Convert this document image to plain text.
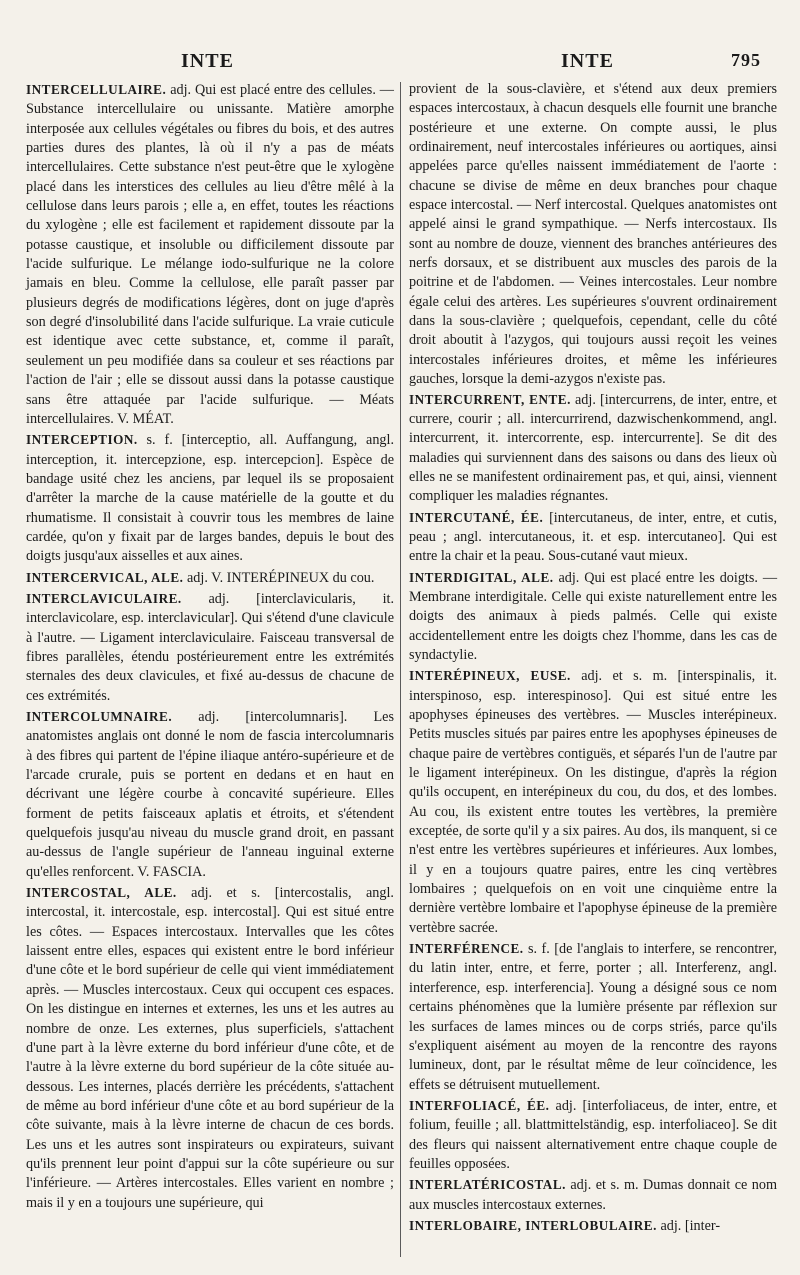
INTE	INTE	795

INTERCELLULAIRE. adj. Qui est placé entre des cellules. — Substance intercellulaire ou unissante. Matière amorphe interposée aux cellules végétales ou fibres du bois, et des autres parties dures des plantes, là où il n'y a pas de méats intercellulaires. Cette substance n'est peut-être que le xylogène placé dans les interstices des cellules au lieu d'être mêlé à la cellulose dans leurs parois ; elle a, en effet, toutes les réactions du xylogène ; elle est facilement et rapidement dissoute par la potasse caustique, et insoluble ou difficilement dissoute par l'acide sulfurique. Le mélange iodo-sulfurique ne la colore jamais en bleu. Comme la cellulose, elle paraît passer par plusieurs degrés de modifications légères, dont on juge d'après son degré d'insolubilité dans l'acide sulfurique. La vraie cuticule est identique avec cette substance, et, comme il paraît, seulement un peu modifiée dans sa couleur et ses réactions par l'action de l'air ; elle se dissout aussi dans la potasse caustique sans être attaquée par l'acide sulfurique. — Méats intercellulaires. V. MÉAT.

INTERCEPTION. s. f. [interceptio, all. Auffangung, angl. interception, it. intercepzione, esp. intercepcion]. Espèce de bandage usité chez les anciens, par lequel ils se proposaient d'arrêter la marche de la cause matérielle de la goutte et du rhumatisme. Il consistait à couvrir tous les membres de laine cardée, qu'on y fixait par de larges bandes, depuis le bout des doigts jusqu'aux aisselles et aux aines.

INTERCERVICAL, ALE. adj. V. INTERÉPINEUX du cou.

INTERCLAVICULAIRE. adj. [interclavicularis, it. interclavicolare, esp. interclavicular]. Qui s'étend d'une clavicule à l'autre. — Ligament interclaviculaire. Faisceau transversal de fibres parallèles, étendu postérieurement entre les extrémités sternales des deux clavicules, et fixé au-dessus de chacune de ces extrémités.

INTERCOLUMNAIRE. adj. [intercolumnaris]. Les anatomistes anglais ont donné le nom de fascia intercolumnaris à des fibres qui partent de l'épine iliaque antéro-supérieure et de l'arcade crurale, puis se portent en dedans et en haut en décrivant une légère courbe à concavité supérieure. Elles forment de petits faisceaux aplatis et étroits, et s'étendent quelquefois jusqu'au niveau du muscle grand droit, en passant au-dessus de l'angle supérieur de l'anneau inguinal externe qu'elles renforcent. V. FASCIA.

INTERCOSTAL, ALE. adj. et s. [intercostalis, angl. intercostal, it. intercostale, esp. intercostal]. Qui est situé entre les côtes. — Espaces intercostaux. Intervalles que les côtes laissent entre elles, espaces qui existent entre le bord inférieur d'une côte et le bord supérieur de celle qui vient immédiatement après. — Muscles intercostaux. Ceux qui occupent ces espaces. On les distingue en internes et externes, les uns et les autres au nombre de onze. Les externes, plus superficiels, s'attachent d'une part à la lèvre externe du bord inférieur d'une côte, et de l'autre à la lèvre externe du bord supérieur de la côte située au-dessous. Les internes, placés derrière les précédents, s'attachent de même au bord inférieur d'une côte et au bord supérieur de la côte suivante, mais à la lèvre interne de chacun de ces bords. Les uns et les autres sont inspirateurs ou expirateurs, suivant qu'ils prennent leur point d'appui sur la côte supérieure ou sur l'inférieure. — Artères intercostales. Elles varient en nombre ; mais il y en a toujours une supérieure, qui

provient de la sous-clavière, et s'étend aux deux premiers espaces intercostaux, à chacun desquels elle fournit une branche postérieure et une externe. On compte aussi, le plus ordinairement, neuf intercostales inférieures ou aortiques, ainsi appelées parce qu'elles naissent immédiatement de l'aorte : chacune se divise de même en deux branches pour chaque espace intercostal. — Nerf intercostal. Quelques anatomistes ont appelé ainsi le grand sympathique. — Nerfs intercostaux. Ils sont au nombre de douze, viennent des branches antérieures des nerfs dorsaux, et se distribuent aux muscles des parois de la poitrine et de l'abdomen. — Veines intercostales. Leur nombre égale celui des artères. Les supérieures s'ouvrent ordinairement dans la sous-clavière ; quelquefois, cependant, celle du côté droit aboutit à l'azygos, qui toujours aussi reçoit les veines intercostales inférieures droites, et même les inférieures gauches, lorsque la demi-azygos n'existe pas.

INTERCURRENT, ENTE. adj. [intercurrens, de inter, entre, et currere, courir ; all. intercurrirend, dazwischenkommend, angl. intercurrent, it. intercorrente, esp. intercurrente]. Se dit des maladies qui surviennent dans des saisons ou dans des lieux où elles ne se manifestent ordinairement pas, et qui, ainsi, viennent compliquer les maladies régnantes.

INTERCUTANÉ, ÉE. [intercutaneus, de inter, entre, et cutis, peau ; angl. intercutaneous, it. et esp. intercutaneo]. Qui est entre la chair et la peau. Sous-cutané vaut mieux.

INTERDIGITAL, ALE. adj. Qui est placé entre les doigts. — Membrane interdigitale. Celle qui existe naturellement entre les doigts des animaux à pieds palmés. Celle qui existe accidentellement entre les doigts chez l'homme, dans les cas de syndactylie.

INTERÉPINEUX, EUSE. adj. et s. m. [interspinalis, it. interspinoso, esp. interespinoso]. Qui est situé entre les apophyses épineuses des vertèbres. — Muscles interépineux. Petits muscles situés par paires entre les apophyses épineuses de chaque paire de vertèbres contiguës, et séparés l'un de l'autre par le ligament interépineux. On les distingue, d'après la région qu'ils occupent, en interépineux du cou, du dos, et des lombes. Au cou, ils existent entre toutes les vertèbres, la première exceptée, de sorte qu'il y a six paires. Au dos, ils manquent, si ce n'est entre les vertèbres supérieures et inférieures. Aux lombes, il y en a toujours quatre paires, entre les cinq vertèbres lombaires ; quelquefois on en voit une cinquième entre la dernière vertèbre lombaire et l'apophyse épineuse de la première vertèbre sacrée.

INTERFÉRENCE. s. f. [de l'anglais to interfere, se rencontrer, du latin inter, entre, et ferre, porter ; all. Interferenz, angl. interference, esp. interferencia]. Young a désigné sous ce nom certains phénomènes que la lumière présente par réflexion sur les surfaces de lames minces ou de corps striés, parce qu'ils s'expliquent aisément au moyen de la rencontre des rayons lumineux, dont, par le résultat même de leur coïncidence, les effets se détruisent mutuellement.

INTERFOLIACÉ, ÉE. adj. [interfoliaceus, de inter, entre, et folium, feuille ; all. blattmittelständig, esp. interfoliaceo]. Se dit des fleurs qui naissent alternativement entre chaque couple de feuilles opposées.

INTERLATÉRICOSTAL. adj. et s. m. Dumas donnait ce nom aux muscles intercostaux externes.

INTERLOBAIRE, INTERLOBULAIRE. adj. [inter-
